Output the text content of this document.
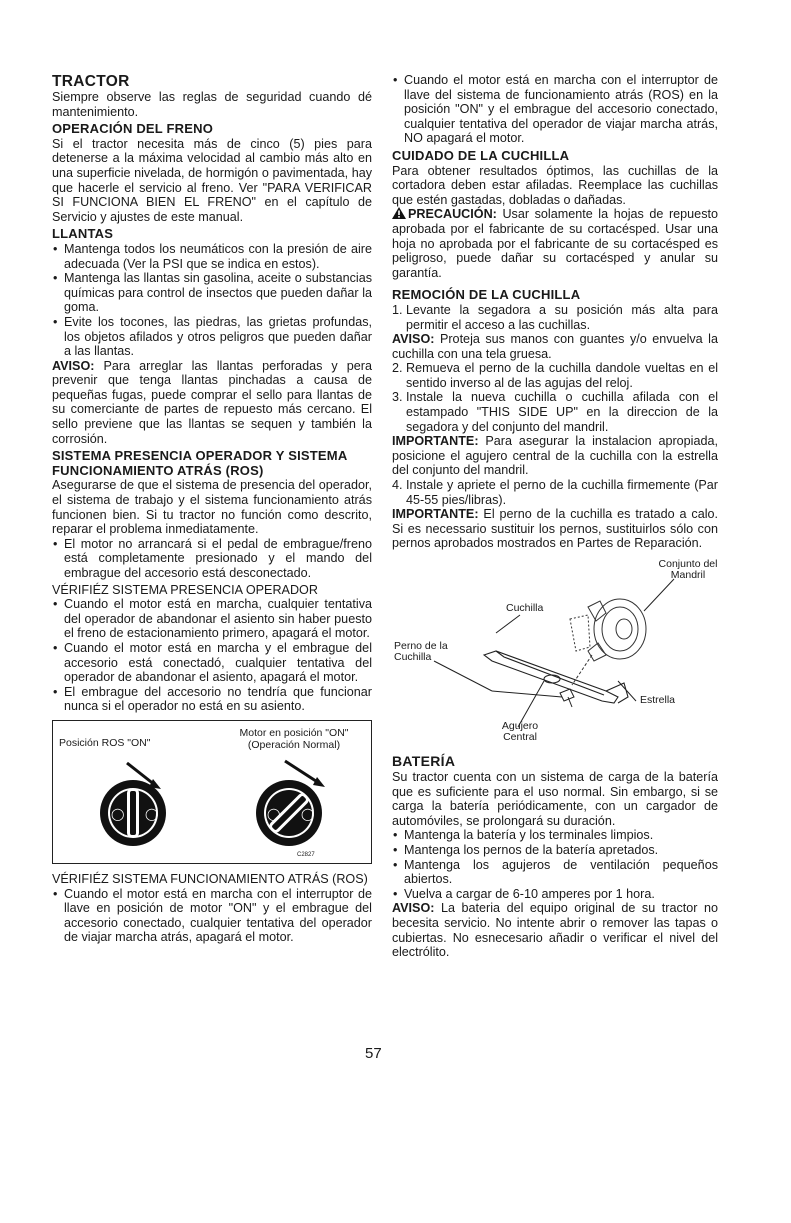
TRACTOR

Siempre observe las reglas de seguridad cuando dé mantenimiento.

OPERACIÓN DEL FRENO

Si el tractor necesita más de cinco (5) pies para detenerse a la máxima velocidad al cambio más alto en una superficie nivelada, de hormigón o pavimentada, hay que hacerle el servicio al freno. Ver "PARA VERIFICAR SI FUNCIONA BIEN EL FRENO" en el capítulo de Servicio y ajustes de este manual.

LLANTAS
• Mantenga todos los neumáticos con la presión de aire adecuada (Ver la PSI que se indica en estos).
• Mantenga las llantas sin gasolina, aceite o substancias químicas para control de insectos que pueden dañar la goma.
• Evite los tocones, las piedras, las grietas profundas, los objetos afilados y otros peligros que pueden dañar a las llantas.

AVISO: Para arreglar las llantas perforadas y pera prevenir que tenga llantas pinchadas a causa de pequeñas fugas, puede comprar el sello para llantas de su comerciante de partes de repuesto más cercano. El sello previene que las llantas se sequen y también la corrosión.

SISTEMA PRESENCIA OPERADOR Y SISTEMA FUNCIONAMIENTO ATRÁS (ROS)

Asegurarse de que el sistema de presencia del operador, el sistema de trabajo y el sistema funcionamiento atrás funcionen bien. Si tu tractor no función como descrito, reparar el problema inmediatamente.

• El motor no arrancará si el pedal de embrague/freno está completamente presionado y el mando del embrague del accesorio está desconectado.
VÉRIFIÉZ SISTEMA PRESENCIA OPERADOR
• Cuando el motor está en marcha, cualquier tentativa del operador de abandonar el asiento sin haber puesto el freno de estacionamiento primero, apagará el motor.
• Cuando el motor está en marcha y el embrague del accesorio está conectadó, cualquier tentativa del operador de abandonar el asiento, apagará el motor.
• El embrague del accesorio no tendría que funcionar nunca si el operador no está en su asiento.
Posición ROS "ON"
Motor en posición "ON"
(Operación Normal)
◯ ◯	◯ ◯
C2827
VÉRIFIÉZ SISTEMA FUNCIONAMIENTO ATRÁS (ROS)
• Cuando el motor está en marcha con el interruptor de llave en posición de motor "ON" y el embrague del accesorio conectado, cualquier tentativa del operador de viajar marcha atrás, apagará el motor.
• Cuando el motor está en marcha con el interruptor de llave del sistema de funcionamiento atrás (ROS) en la posición "ON" y el embrague del accesorio conectado, cualquier tentativa del operador de viajar marcha atrás, NO apagará el motor.
CUIDADO DE LA CUCHILLA

Para obtener resultados óptimos, las cuchillas de la cortadora deben estar afiladas. Reemplace las cuchillas que estén gastadas, dobladas o dañadas.

PRECAUCIÓN: Usar solamente la hojas de repuesto aprobada por el fabricante de su cortacésped. Usar una hoja no aprobada por el fabricante de su cortacésped es peligroso, puede dañar su cortacésped y anular su garantía.

REMOCIÓN DE LA CUCHILLA
1. Levante la segadora a su posición más alta para permitir el acceso a las cuchillas.

AVISO: Proteja sus manos con guantes y/o envuelva la cuchilla con una tela gruesa.

2. Remueva el perno de la cuchilla dandole vueltas en el sentido inverso al de las agujas del reloj.
3. Instale la nueva cuchilla o cuchilla afilada con el estampado "THIS SIDE UP" en la direccion de la segadora y del conjunto del mandril.

IMPORTANTE: Para asegurar la instalacion apropiada, posicione el agujero central de la cuchilla con la estrella del conjunto del mandril.

4. Instale y apriete el perno de la cuchilla firmemente (Par 45-55 pies/libras).

IMPORTANTE: El perno de la cuchilla es tratado a calo. Si es necessario sustituir los pernos, sustituirlos sólo con pernos aprobados mostrados en Partes de Reparación.

Conjunto del
Mandril
Cuchilla
Perno de la
Cuchilla
Estrella
Agujero
Central
BATERÍA

Su tractor cuenta con un sistema de carga de la batería que es suficiente para el uso normal. Sin embargo, si se carga la batería periódicamente, con un cargador de automóviles, se prolongará su duración.

• Mantenga la batería y los terminales limpios.
• Mantenga los pernos de la batería apretados.
• Mantenga los agujeros de ventilación pequeños abiertos.
• Vuelva a cargar de 6-10 amperes por 1 hora.

AVISO: La bateria del equipo original de su tractor no becesita servicio. No intente abrir o remover las tapas o cubiertas. No esnecesario añadir o verificar el nivel del electrólito.

57
